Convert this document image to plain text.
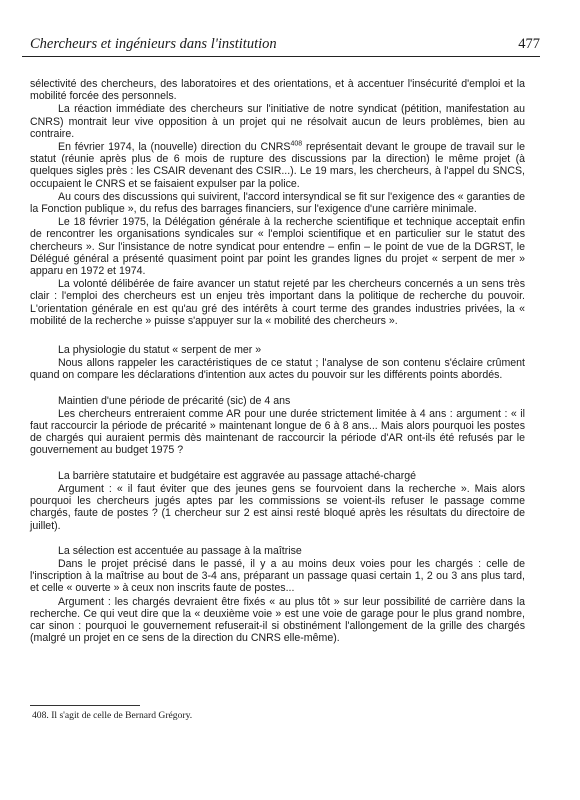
Chercheurs et ingénieurs dans l'institution	477

sélectivité des chercheurs, des laboratoires et des orientations, et à accentuer l'insécurité d'emploi et la mobilité forcée des personnels.

La réaction immédiate des chercheurs sur l'initiative de notre syndicat (pétition, manifestation au CNRS) montrait leur vive opposition à un projet qui ne résolvait aucun de leurs problèmes, bien au contraire.

En février 1974, la (nouvelle) direction du CNRS$^{408}$ représentait devant le groupe de travail sur le statut (réunie après plus de 6 mois de rupture des discussions par la direction) le même projet (à quelques sigles près : les CSAIR devenant des CSIR...). Le 19 mars, les chercheurs, à l'appel du SNCS, occupaient le CNRS et se faisaient expulser par la police.

Au cours des discussions qui suivirent, l'accord intersyndical se fit sur l'exigence des « garanties de la Fonction publique », du refus des barrages financiers, sur l'exigence d'une carrière minimale.

Le 18 février 1975, la Délégation générale à la recherche scientifique et technique acceptait enfin de rencontrer les organisations syndicales sur « l'emploi scientifique et en particulier sur le statut des chercheurs ». Sur l'insistance de notre syndicat pour entendre – enfin – le point de vue de la DGRST, le Délégué général a présenté quasiment point par point les grandes lignes du projet « serpent de mer » apparu en 1972 et 1974.

La volonté délibérée de faire avancer un statut rejeté par les chercheurs concernés a un sens très clair : l'emploi des chercheurs est un enjeu très important dans la politique de recherche du pouvoir. L'orientation générale en est qu'au gré des intérêts à court terme des grandes industries privées, la « mobilité de la recherche » puisse s'appuyer sur la « mobilité des chercheurs ».

La physiologie du statut « serpent de mer »

Nous allons rappeler les caractéristiques de ce statut ; l'analyse de son contenu s'éclaire crûment quand on compare les déclarations d'intention aux actes du pouvoir sur les différents points abordés.

Maintien d'une période de précarité (sic) de 4 ans

Les chercheurs entreraient comme AR pour une durée strictement limitée à 4 ans : argument : « il faut raccourcir la période de précarité » maintenant longue de 6 à 8 ans... Mais alors pourquoi les postes de chargés qui auraient permis dès maintenant de raccourcir la période d'AR ont-ils été refusés par le gouvernement au budget 1975 ?

La barrière statutaire et budgétaire est aggravée au passage attaché-chargé

Argument : « il faut éviter que des jeunes gens se fourvoient dans la recherche ». Mais alors pourquoi les chercheurs jugés aptes par les commissions se voient-ils refuser le passage comme chargés, faute de postes ? (1 chercheur sur 2 est ainsi resté bloqué après les résultats du directoire de juillet).

La sélection est accentuée au passage à la maîtrise

Dans le projet précisé dans le passé, il y a au moins deux voies pour les chargés : celle de l'inscription à la maîtrise au bout de 3-4 ans, préparant un passage quasi certain 1, 2 ou 3 ans plus tard, et celle « ouverte » à ceux non inscrits faute de postes...

Argument : les chargés devraient être fixés « au plus tôt » sur leur possibilité de carrière dans la recherche. Ce qui veut dire que la « deuxième voie » est une voie de garage pour le plus grand nombre, car sinon : pourquoi le gouvernement refuserait-il si obstinément l'allongement de la grille des chargés (malgré un projet en ce sens de la direction du CNRS elle-même).

408. Il s'agit de celle de Bernard Grégory.
